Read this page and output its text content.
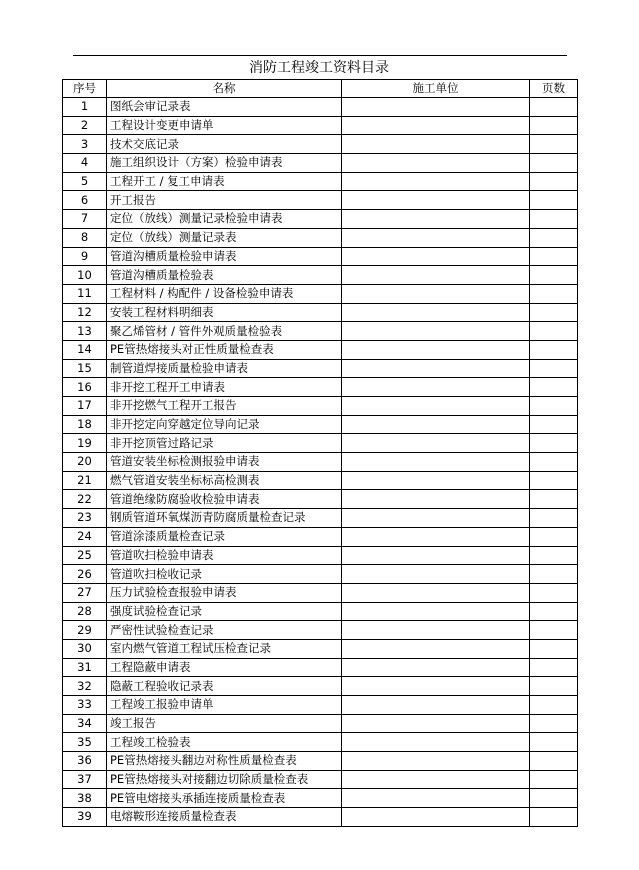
消防工程竣工资料目录
序号	名称	施工单位	页数
1	图纸会审记录表		
2	工程设计变更申请单		
3	技术交底记录		
4	施工组织设计（方案）检验申请表		
5	工程开工 / 复工申请表		
6	开工报告		
7	定位（放线）测量记录检验申请表		
8	定位（放线）测量记录表		
9	管道沟槽质量检验申请表		
10	管道沟槽质量检验表		
11	工程材料 / 构配件 / 设备检验申请表		
12	安装工程材料明细表		
13	聚乙烯管材 / 管件外观质量检验表		
14	PE管热熔接头对正性质量检查表		
15	制管道焊接质量检验申请表		
16	非开挖工程开工申请表		
17	非开挖燃气工程开工报告		
18	非开挖定向穿越定位导向记录		
19	非开挖顶管过路记录		
20	管道安装坐标检测报验申请表		
21	燃气管道安装坐标标高检测表		
22	管道绝缘防腐验收检验申请表		
23	钢质管道环氧煤沥青防腐质量检查记录		
24	管道涂漆质量检查记录		
25	管道吹扫检验申请表		
26	管道吹扫检收记录		
27	压力试验检查报验申请表		
28	强度试验检查记录		
29	严密性试验检查记录		
30	室内燃气管道工程试压检查记录		
31	工程隐蔽申请表		
32	隐蔽工程验收记录表		
33	工程竣工报验申请单		
34	竣工报告		
35	工程竣工检验表		
36	PE管热熔接头翻边对称性质量检查表		
37	PE管热熔接头对接翻边切除质量检查表		
38	PE管电熔接头承插连接质量检查表		
39	电熔鞍形连接质量检查表		
